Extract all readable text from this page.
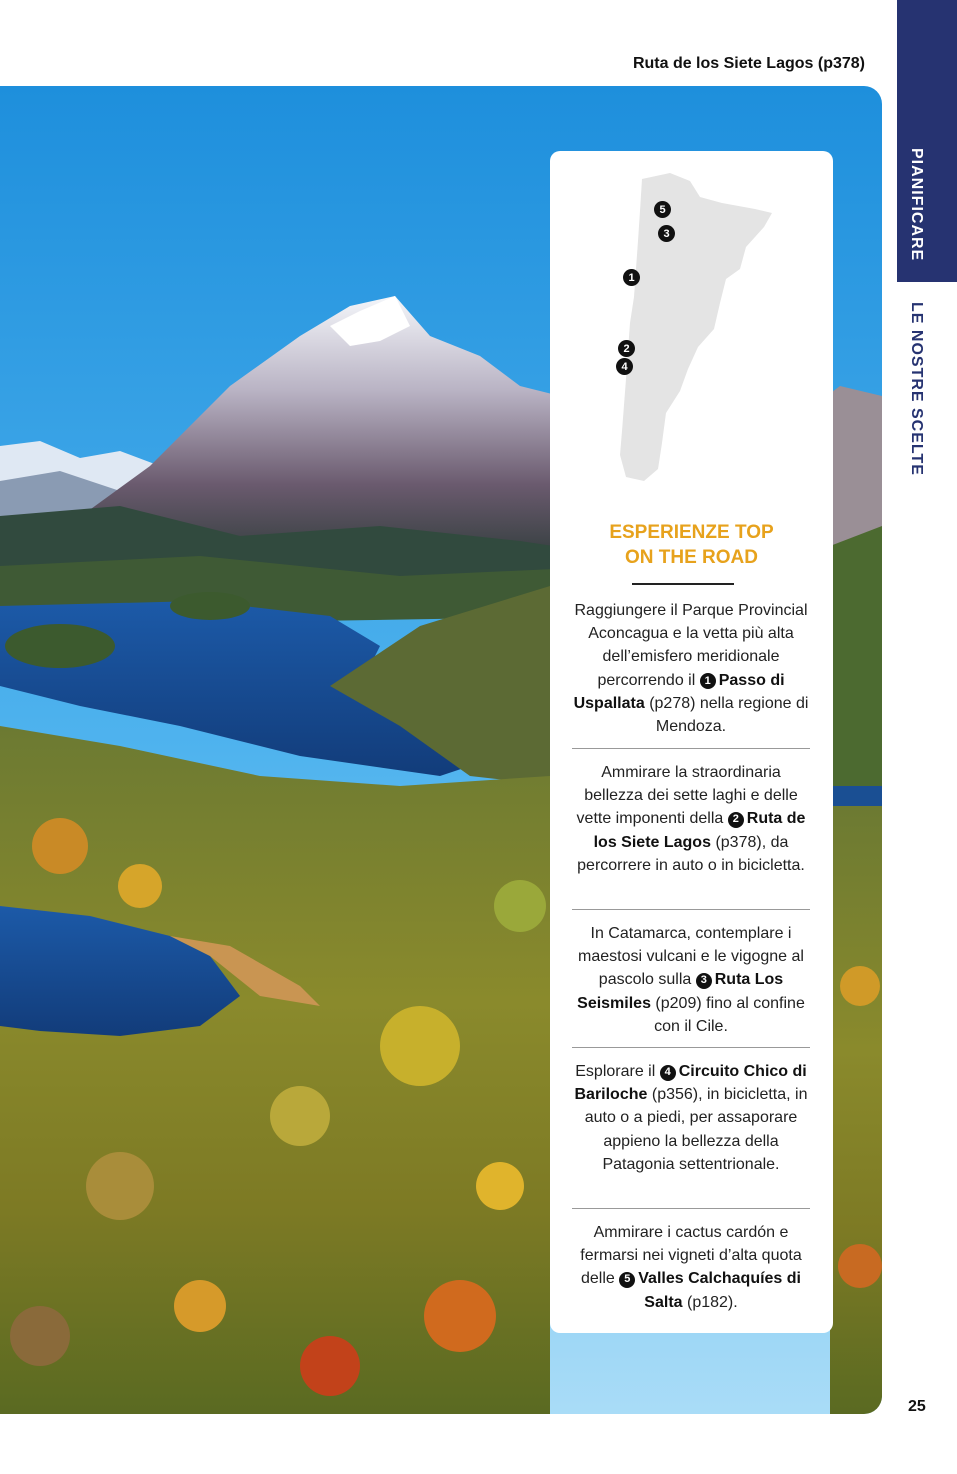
Ruta de los Siete Lagos (p378)
PIANIFICARE
LE NOSTRE SCELTE
5
3
1
2
4
ESPERIENZE TOP
ON THE ROAD
Raggiungere il Parque Provincial Aconcagua e la vetta più alta dell’emisfero meridionale percorrendo il 1 Passo di Uspallata (p278) nella regione di Mendoza.
Ammirare la straordinaria bellezza dei sette laghi e delle vette imponenti della 2 Ruta de los Siete Lagos (p378), da percorrere in auto o in bicicletta.
In Catamarca, contemplare i maestosi vulcani e le vigogne al pascolo sulla 3 Ruta Los Seismiles (p209) fino al confine con il Cile.
Esplorare il 4 Circuito Chico di Bariloche (p356), in bicicletta, in auto o a piedi, per assaporare appieno la bellezza della Patagonia settentrionale.
Ammirare i cactus cardón e fermarsi nei vigneti d’alta quota delle 5 Valles Calchaquíes di Salta (p182).
25
